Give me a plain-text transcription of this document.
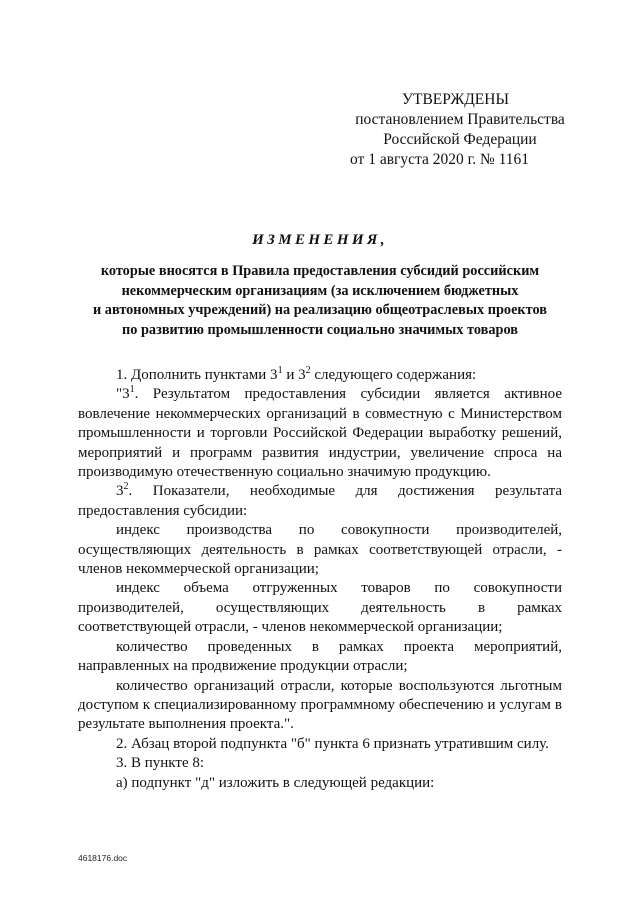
УТВЕРЖДЕНЫ
постановлением Правительства
Российской Федерации
от 1 августа 2020 г. № 1161
ИЗМЕНЕНИЯ,
которые вносятся в Правила предоставления субсидий российским
некоммерческим организациям (за исключением бюджетных
и автономных учреждений) на реализацию общеотраслевых проектов
по развитию промышленности социально значимых товаров

1. Дополнить пунктами $3^1$ и $3^2$ следующего содержания:

"$3^1$. Результатом предоставления субсидии является активное вовлечение некоммерческих организаций в совместную с Министерством промышленности и торговли Российской Федерации выработку решений, мероприятий и программ развития индустрии, увеличение спроса на производимую отечественную социально значимую продукцию.

$3^2$. Показатели, необходимые для достижения результата предоставления субсидии:

индекс производства по совокупности производителей, осуществляющих деятельность в рамках соответствующей отрасли, - членов некоммерческой организации;

индекс объема отгруженных товаров по совокупности производителей, осуществляющих деятельность в рамках соответствующей отрасли, - членов некоммерческой организации;

количество проведенных в рамках проекта мероприятий, направленных на продвижение продукции отрасли;

количество организаций отрасли, которые воспользуются льготным доступом к специализированному программному обеспечению и услугам в результате выполнения проекта.".

2. Абзац второй подпункта "б" пункта 6 признать утратившим силу.

3. В пункте 8:

а) подпункт "д" изложить в следующей редакции:

4618176.doc
